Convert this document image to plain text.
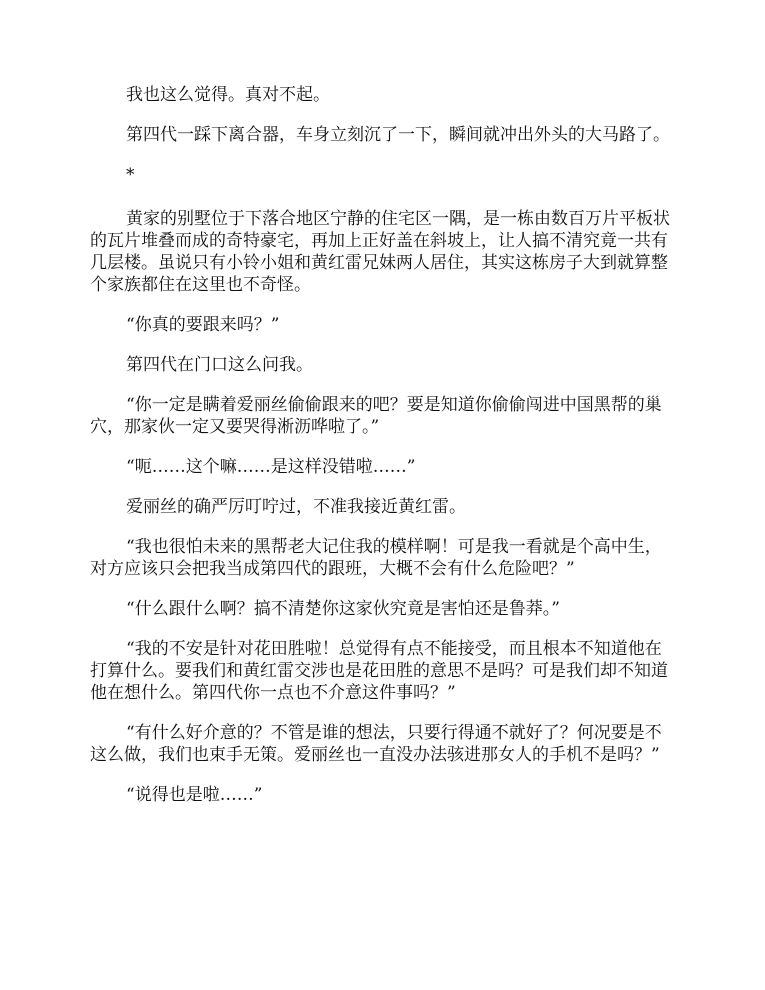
我也这么觉得。真对不起。

第四代一踩下离合器，车身立刻沉了一下，瞬间就冲出外头的大马路了。

*

黄家的别墅位于下落合地区宁静的住宅区一隅，是一栋由数百万片平板状的瓦片堆叠而成的奇特豪宅，再加上正好盖在斜坡上，让人搞不清究竟一共有几层楼。虽说只有小铃小姐和黄红雷兄妹两人居住，其实这栋房子大到就算整个家族都住在这里也不奇怪。

“你真的要跟来吗？”

第四代在门口这么问我。

“你一定是瞒着爱丽丝偷偷跟来的吧？要是知道你偷偷闯进中国黑帮的巢穴，那家伙一定又要哭得淅沥哗啦了。”

“呃……这个嘛……是这样没错啦……”

爱丽丝的确严厉叮咛过，不准我接近黄红雷。

“我也很怕未来的黑帮老大记住我的模样啊！可是我一看就是个高中生，对方应该只会把我当成第四代的跟班，大概不会有什么危险吧？”

“什么跟什么啊？搞不清楚你这家伙究竟是害怕还是鲁莽。”

“我的不安是针对花田胜啦！总觉得有点不能接受，而且根本不知道他在打算什么。要我们和黄红雷交涉也是花田胜的意思不是吗？可是我们却不知道他在想什么。第四代你一点也不介意这件事吗？”

“有什么好介意的？不管是谁的想法，只要行得通不就好了？何况要是不这么做，我们也束手无策。爱丽丝也一直没办法骇进那女人的手机不是吗？”

“说得也是啦……”
